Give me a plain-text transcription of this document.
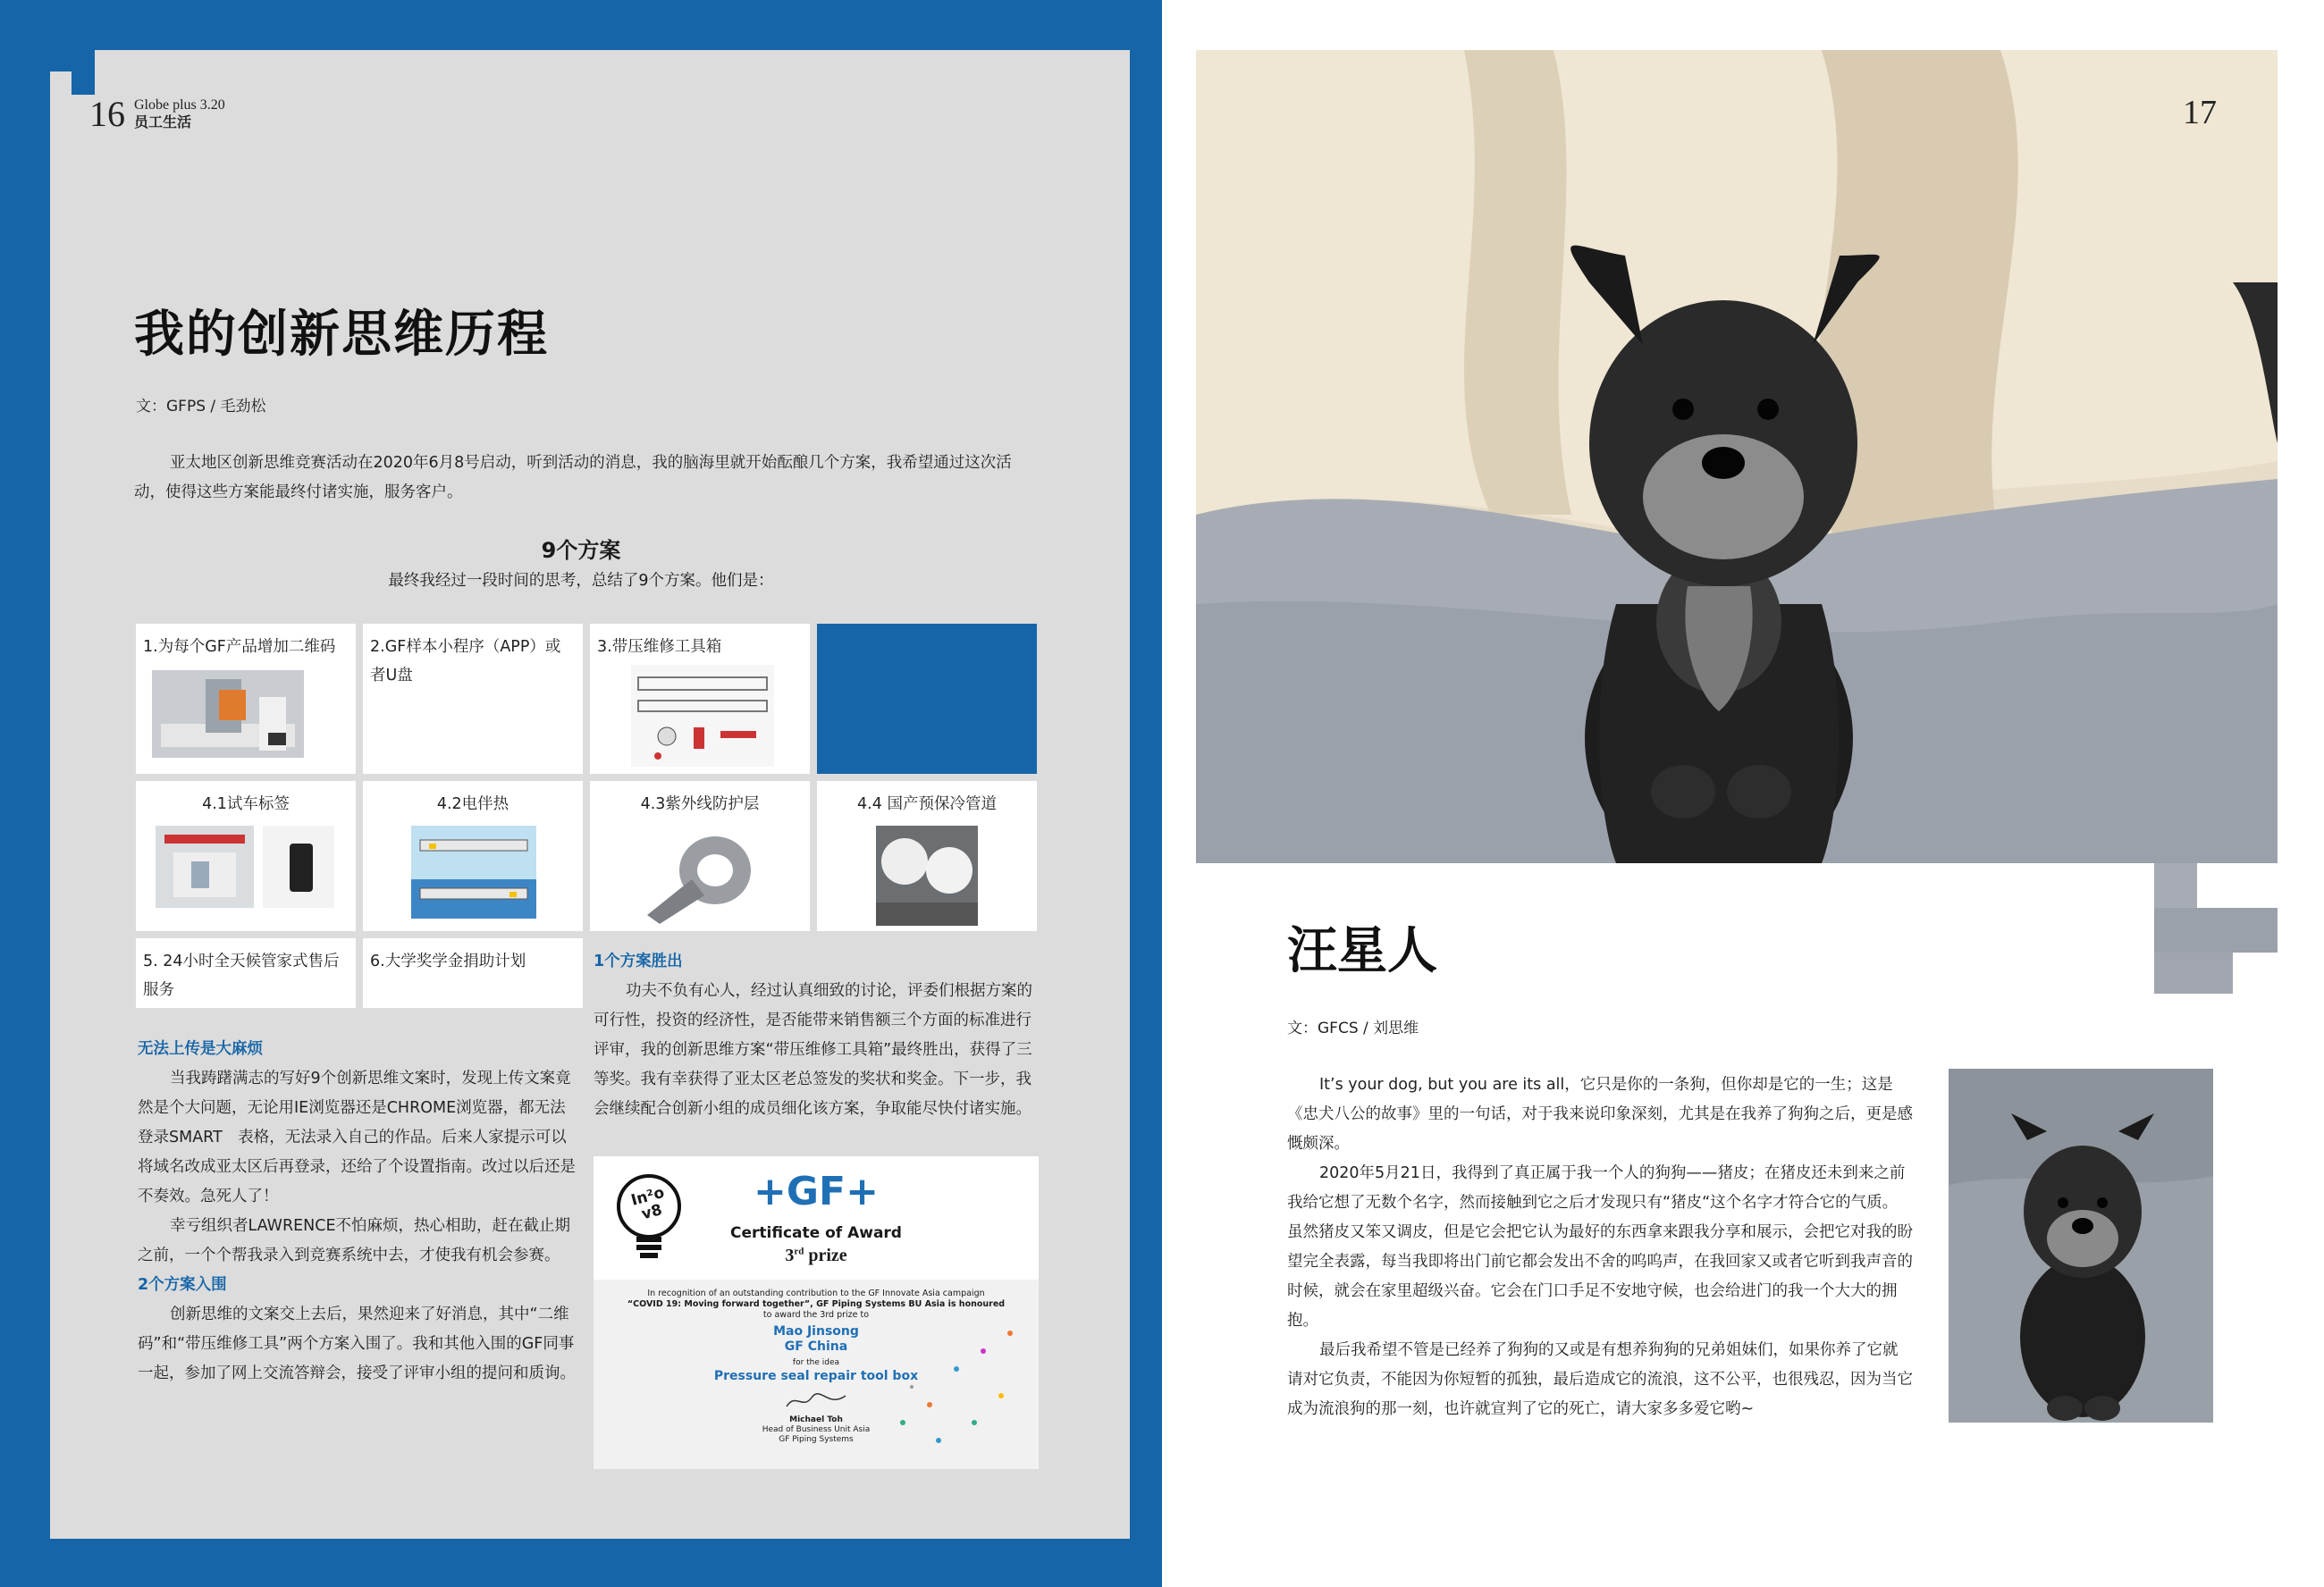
16 Globe plus 3.20
员工生活
我的创新思维历程
文：GFPS / 毛劲松
亚太地区创新思维竞赛活动在2020年6月8号启动，听到活动的消息，我的脑海里就开始酝酿几个方案，我希望通过这次活动，使得这些方案能最终付诸实施，服务客户。
9个方案
最终我经过一段时间的思考，总结了9个方案。他们是：
1.为每个GF产品增加二维码	2.GF样本小程序（APP）或者U盘
3.带压维修工具箱
4.1试车标签	4.2电伴热	4.3紫外线防护层	4.4 国产预保冷管道
5. 24小时全天候管家式售后服务
6.大学奖学金捐助计划	1个方案胜出

功夫不负有心人，经过认真细致的讨论，评委们根据方案的可行性，投资的经济性，是否能带来销售额三个方面的标准进行评审，我的创新思维方案“带压维修工具箱”最终胜出，获得了三等奖。我有幸获得了亚太区老总签发的奖状和奖金。下一步，我会继续配合创新小组的成员细化该方案，争取能尽快付诸实施。

无法上传是大麻烦

当我踌躇满志的写好9个创新思维文案时，发现上传文案竟然是个大问题，无论用IE浏览器还是CHROME浏览器，都无法登录SMART　表格，无法录入自己的作品。后来人家提示可以将域名改成亚太区后再登录，还给了个设置指南。改过以后还是不奏效。急死人了！

幸亏组织者LAWRENCE不怕麻烦，热心相助，赶在截止期之前，一个个帮我录入到竞赛系统中去，才使我有机会参赛。

2个方案入围

创新思维的文案交上去后，果然迎来了好消息，其中“二维码”和“带压维修工具”两个方案入围了。我和其他入围的GF同事一起，参加了网上交流答辩会，接受了评审小组的提问和质询。

In²o v8	+GF+
Certificate of Award
3rd prize
In recognition of an outstanding contribution to the GF Innovate Asia campaign
“COVID 19: Moving forward together”, GF Piping Systems BU Asia is honoured
to award the 3rd prize to
Mao Jinsong
GF China
for the idea
Pressure seal repair tool box
Michael Toh
Head of Business Unit Asia
GF Piping Systems
17
汪星人
文：GFCS / 刘思维

It’s your dog, but you are its all，它只是你的一条狗，但你却是它的一生；这是《忠犬八公的故事》里的一句话，对于我来说印象深刻，尤其是在我养了狗狗之后，更是感慨颇深。

2020年5月21日，我得到了真正属于我一个人的狗狗——猪皮；在猪皮还未到来之前我给它想了无数个名字，然而接触到它之后才发现只有“猪皮“这个名字才符合它的气质。虽然猪皮又笨又调皮，但是它会把它认为最好的东西拿来跟我分享和展示，会把它对我的盼望完全表露，每当我即将出门前它都会发出不舍的呜呜声，在我回家又或者它听到我声音的时候，就会在家里超级兴奋。它会在门口手足不安地守候，也会给进门的我一个大大的拥抱。

最后我希望不管是已经养了狗狗的又或是有想养狗狗的兄弟姐妹们，如果你养了它就请对它负责，不能因为你短暂的孤独，最后造成它的流浪，这不公平，也很残忍，因为当它成为流浪狗的那一刻，也许就宣判了它的死亡，请大家多多爱它哟~
